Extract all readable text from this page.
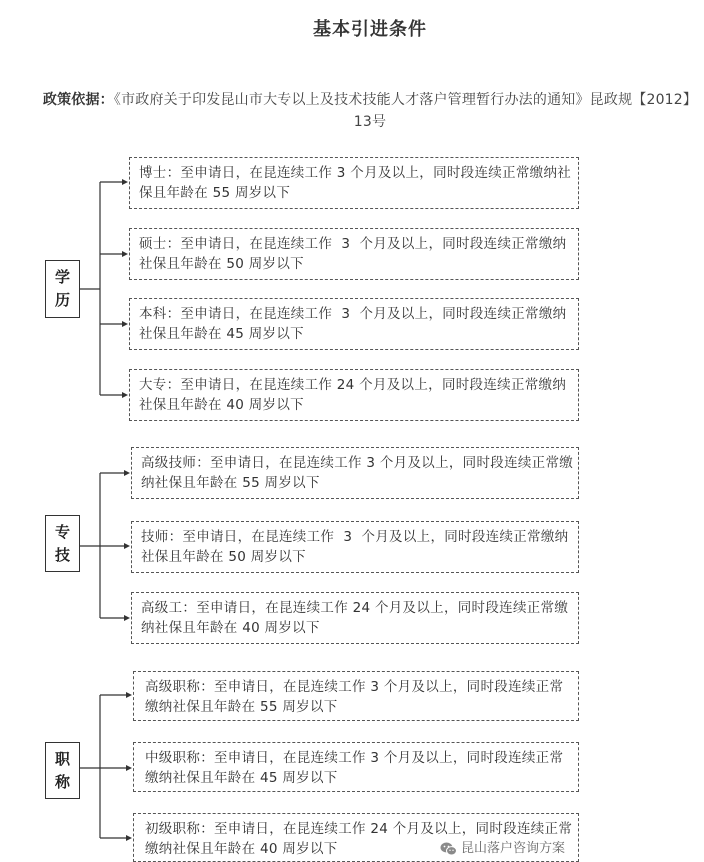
基本引进条件
政策依据：《市政府关于印发昆山市大专以上及技术技能人才落户管理暂行办法的通知》昆政规【2012】
13号
学历
专技
职称
博士：至申请日，在昆连续工作 3 个月及以上，同时段连续正常缴纳社
保且年龄在 55 周岁以下
硕士：至申请日，在昆连续工作  3  个月及以上，同时段连续正常缴纳
社保且年龄在 50 周岁以下
本科：至申请日，在昆连续工作  3  个月及以上，同时段连续正常缴纳
社保且年龄在 45 周岁以下
大专：至申请日，在昆连续工作 24 个月及以上，同时段连续正常缴纳
社保且年龄在 40 周岁以下
高级技师：至申请日，在昆连续工作 3 个月及以上，同时段连续正常缴
纳社保且年龄在 55 周岁以下
技师：至申请日，在昆连续工作  3  个月及以上，同时段连续正常缴纳
社保且年龄在 50 周岁以下
高级工：至申请日，在昆连续工作 24 个月及以上，同时段连续正常缴
纳社保且年龄在 40 周岁以下
高级职称：至申请日，在昆连续工作 3 个月及以上，同时段连续正常
缴纳社保且年龄在 55 周岁以下
中级职称：至申请日，在昆连续工作 3 个月及以上，同时段连续正常
缴纳社保且年龄在 45 周岁以下
初级职称：至申请日，在昆连续工作 24 个月及以上，同时段连续正常
缴纳社保且年龄在 40 周岁以下	昆山落户咨询方案
